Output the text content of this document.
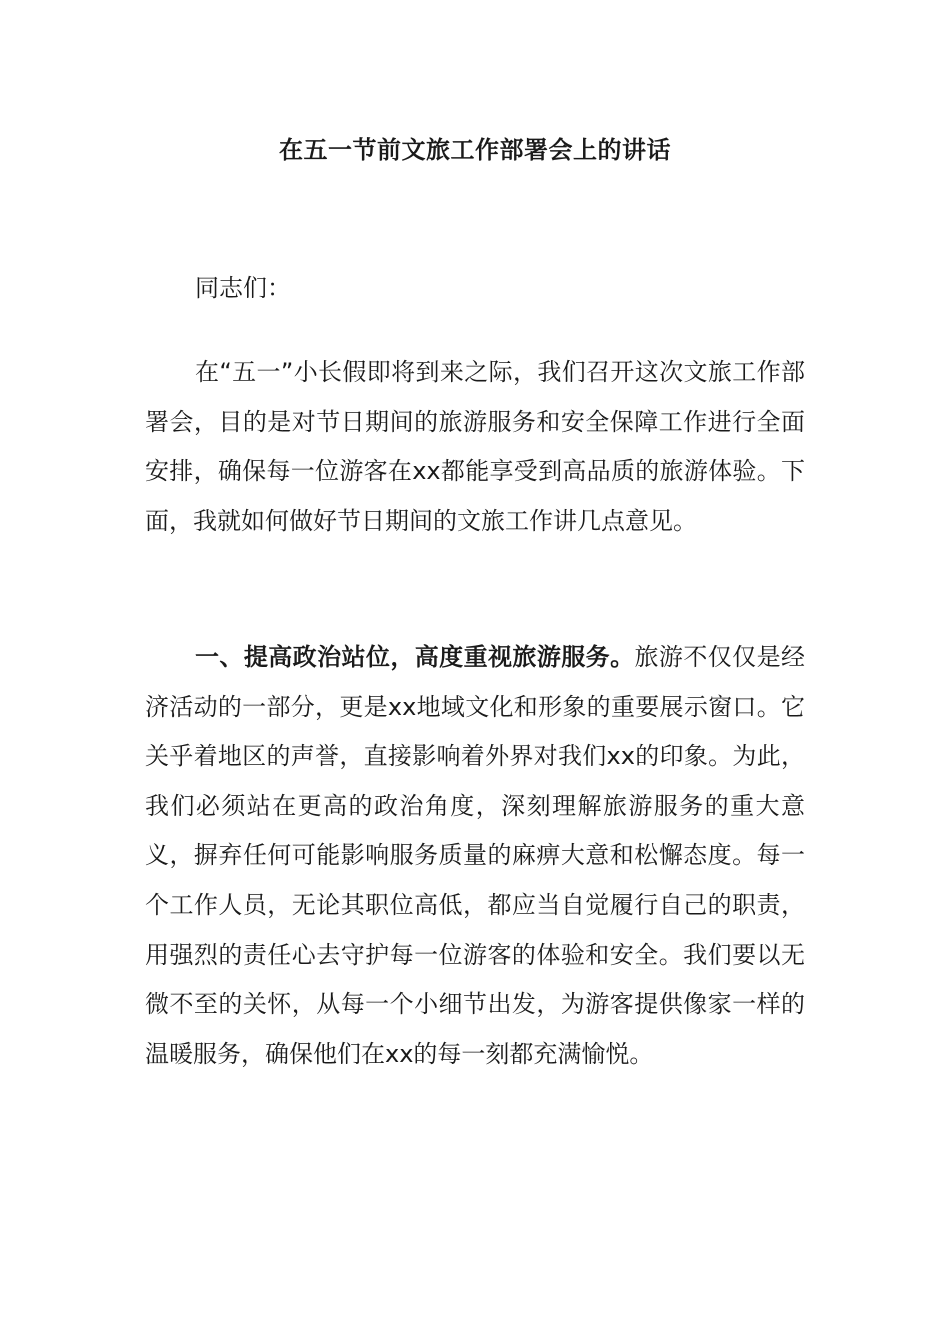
在五一节前文旅工作部署会上的讲话
同志们：
在“五一”小长假即将到来之际，我们召开这次文旅工作部署会，目的是对节日期间的旅游服务和安全保障工作进行全面安排，确保每一位游客在xx都能享受到高品质的旅游体验。下面，我就如何做好节日期间的文旅工作讲几点意见。
一、提高政治站位，高度重视旅游服务。旅游不仅仅是经济活动的一部分，更是xx地域文化和形象的重要展示窗口。它关乎着地区的声誉，直接影响着外界对我们xx的印象。为此，我们必须站在更高的政治角度，深刻理解旅游服务的重大意义，摒弃任何可能影响服务质量的麻痹大意和松懈态度。每一个工作人员，无论其职位高低，都应当自觉履行自己的职责，用强烈的责任心去守护每一位游客的体验和安全。我们要以无微不至的关怀，从每一个小细节出发，为游客提供像家一样的温暖服务，确保他们在xx的每一刻都充满愉悦。
